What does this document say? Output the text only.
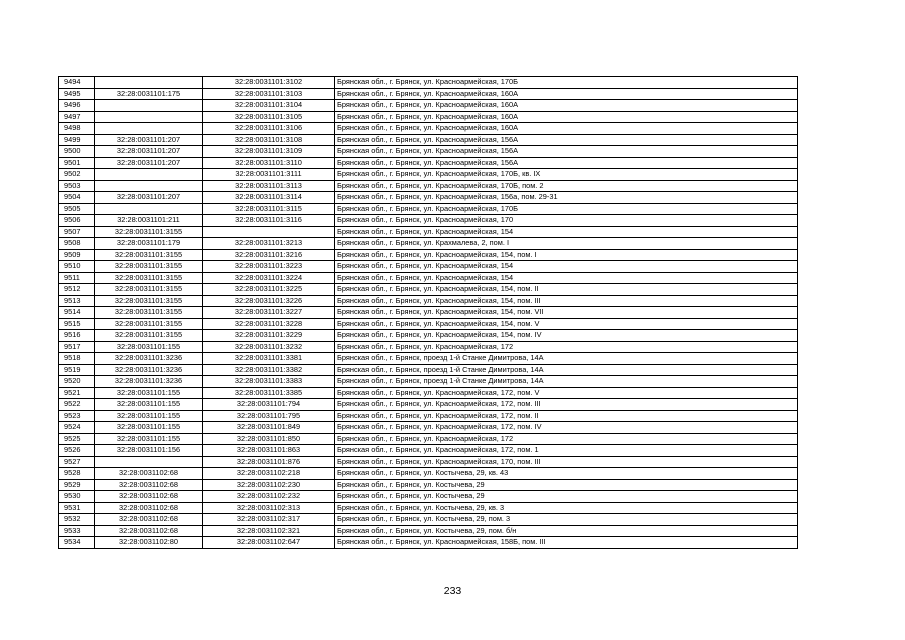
9494		32:28:0031101:3102	Брянская обл., г. Брянск, ул. Красноармейская, 170Б
9495	32:28:0031101:175	32:28:0031101:3103	Брянская обл., г. Брянск, ул. Красноармейская, 160А
9496		32:28:0031101:3104	Брянская обл., г. Брянск, ул. Красноармейская, 160А
9497		32:28:0031101:3105	Брянская обл., г. Брянск, ул. Красноармейская, 160А
9498		32:28:0031101:3106	Брянская обл., г. Брянск, ул. Красноармейская, 160А
9499	32:28:0031101:207	32:28:0031101:3108	Брянская обл., г. Брянск, ул. Красноармейская, 156А
9500	32:28:0031101:207	32:28:0031101:3109	Брянская обл., г. Брянск, ул. Красноармейская, 156А
9501	32:28:0031101:207	32:28:0031101:3110	Брянская обл., г. Брянск, ул. Красноармейская, 156А
9502		32:28:0031101:3111	Брянская обл., г. Брянск, ул. Красноармейская, 170Б, кв. IX
9503		32:28:0031101:3113	Брянская обл., г. Брянск, ул. Красноармейская, 170Б, пом. 2
9504	32:28:0031101:207	32:28:0031101:3114	Брянская обл., г. Брянск, ул. Красноармейская, 156а, пом. 29-31
9505		32:28:0031101:3115	Брянская обл., г. Брянск, ул. Красноармейская, 170Б
9506	32:28:0031101:211	32:28:0031101:3116	Брянская обл., г. Брянск, ул. Красноармейская, 170
9507	32:28:0031101:3155		Брянская обл., г. Брянск, ул. Красноармейская, 154
9508	32:28:0031101:179	32:28:0031101:3213	Брянская обл., г. Брянск, ул. Крахмалева, 2, пом. I
9509	32:28:0031101:3155	32:28:0031101:3216	Брянская обл., г. Брянск, ул. Красноармейская, 154, пом. I
9510	32:28:0031101:3155	32:28:0031101:3223	Брянская обл., г. Брянск, ул. Красноармейская, 154
9511	32:28:0031101:3155	32:28:0031101:3224	Брянская обл., г. Брянск, ул. Красноармейская, 154
9512	32:28:0031101:3155	32:28:0031101:3225	Брянская обл., г. Брянск, ул. Красноармейская, 154, пом. II
9513	32:28:0031101:3155	32:28:0031101:3226	Брянская обл., г. Брянск, ул. Красноармейская, 154, пом. III
9514	32:28:0031101:3155	32:28:0031101:3227	Брянская обл., г. Брянск, ул. Красноармейская, 154, пом. VII
9515	32:28:0031101:3155	32:28:0031101:3228	Брянская обл., г. Брянск, ул. Красноармейская, 154, пом. V
9516	32:28:0031101:3155	32:28:0031101:3229	Брянская обл., г. Брянск, ул. Красноармейская, 154, пом. IV
9517	32:28:0031101:155	32:28:0031101:3232	Брянская обл., г. Брянск, ул. Красноармейская, 172
9518	32:28:0031101:3236	32:28:0031101:3381	Брянская обл., г. Брянск, проезд 1-й Станке Димитрова, 14А
9519	32:28:0031101:3236	32:28:0031101:3382	Брянская обл., г. Брянск, проезд 1-й Станке Димитрова, 14А
9520	32:28:0031101:3236	32:28:0031101:3383	Брянская обл., г. Брянск, проезд 1-й Станке Димитрова, 14А
9521	32:28:0031101:155	32:28:0031101:3385	Брянская обл., г. Брянск, ул. Красноармейская, 172, пом. V
9522	32:28:0031101:155	32:28:0031101:794	Брянская обл., г. Брянск, ул. Красноармейская, 172, пом. III
9523	32:28:0031101:155	32:28:0031101:795	Брянская обл., г. Брянск, ул. Красноармейская, 172, пом. II
9524	32:28:0031101:155	32:28:0031101:849	Брянская обл., г. Брянск, ул. Красноармейская, 172, пом. IV
9525	32:28:0031101:155	32:28:0031101:850	Брянская обл., г. Брянск, ул. Красноармейская, 172
9526	32:28:0031101:156	32:28:0031101:863	Брянская обл., г. Брянск, ул. Красноармейская, 172, пом. 1
9527		32:28:0031101:876	Брянская обл., г. Брянск, ул. Красноармейская, 170, пом. III
9528	32:28:0031102:68	32:28:0031102:218	Брянская обл., г. Брянск, ул. Костычева, 29, кв. 43
9529	32:28:0031102:68	32:28:0031102:230	Брянская обл., г. Брянск, ул. Костычева, 29
9530	32:28:0031102:68	32:28:0031102:232	Брянская обл., г. Брянск, ул. Костычева, 29
9531	32:28:0031102:68	32:28:0031102:313	Брянская обл., г. Брянск, ул. Костычева, 29, кв. 3
9532	32:28:0031102:68	32:28:0031102:317	Брянская обл., г. Брянск, ул. Костычева, 29, пом. 3
9533	32:28:0031102:68	32:28:0031102:321	Брянская обл., г. Брянск, ул. Костычева, 29, пом. б/н
9534	32:28:0031102:80	32:28:0031102:647	Брянская обл., г. Брянск, ул. Красноармейская, 158Б, пом. III
233
